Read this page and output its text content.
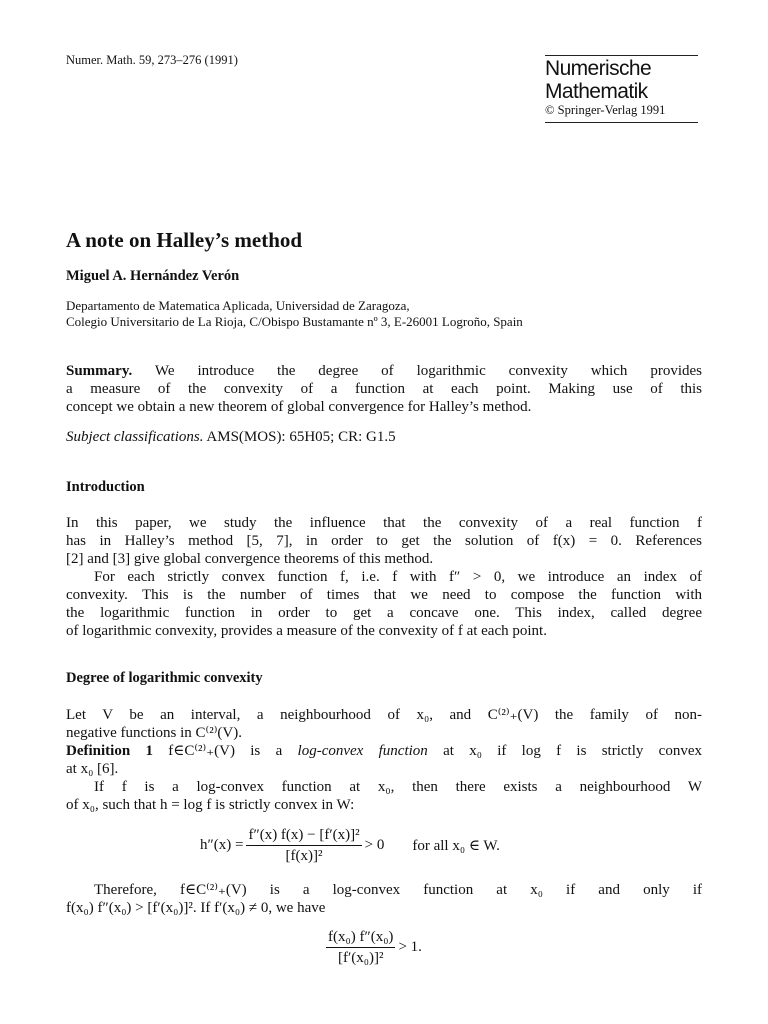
Numer. Math. 59, 273–276 (1991)	Numerische
Mathematik
© Springer-Verlag 1991
A note on Halley’s method
Miguel A. Hernández Verón
Departamento de Matematica Aplicada, Universidad de Zaragoza,
Colegio Universitario de La Rioja, C/Obispo Bustamante nº 3, E-26001 Logroño, Spain
Summary. We introduce the degree of logarithmic convexity which provides
a measure of the convexity of a function at each point. Making use of this
concept we obtain a new theorem of global convergence for Halley’s method.
Subject classifications. AMS(MOS): 65H05; CR: G1.5
Introduction
In this paper, we study the influence that the convexity of a real function f
has in Halley’s method [5, 7], in order to get the solution of f(x) = 0. References
[2] and [3] give global convergence theorems of this method.
For each strictly convex function f, i.e. f with f″ > 0, we introduce an index of
convexity. This is the number of times that we need to compose the function with
the logarithmic function in order to get a concave one. This index, called degree
of logarithmic convexity, provides a measure of the convexity of f at each point.
Degree of logarithmic convexity
Let V be an interval, a neighbourhood of x₀, and C⁽²⁾₊(V) the family of non-
negative functions in C⁽²⁾(V).
Definition 1 f∈C⁽²⁾₊(V) is a log-convex function at x₀ if log f is strictly convex
at x₀ [6].
If f is a log-convex function at x₀, then there exists a neighbourhood W
of x₀, such that h = log f is strictly convex in W:
$h''(x) = \frac{\text{f″(x) f(x) − [f′(x)]²}}{\text{[f(x)]²}} > 0$ for all x₀ ∈ W.
Therefore, f∈C⁽²⁾₊(V) is a log-convex function at x₀ if and only if
f(x₀) f″(x₀) > [f′(x₀)]². If f′(x₀) ≠ 0, we have
$\frac{\text{f(x₀) f″(x₀)}}{\text{[f′(x₀)]²}} > 1$.
